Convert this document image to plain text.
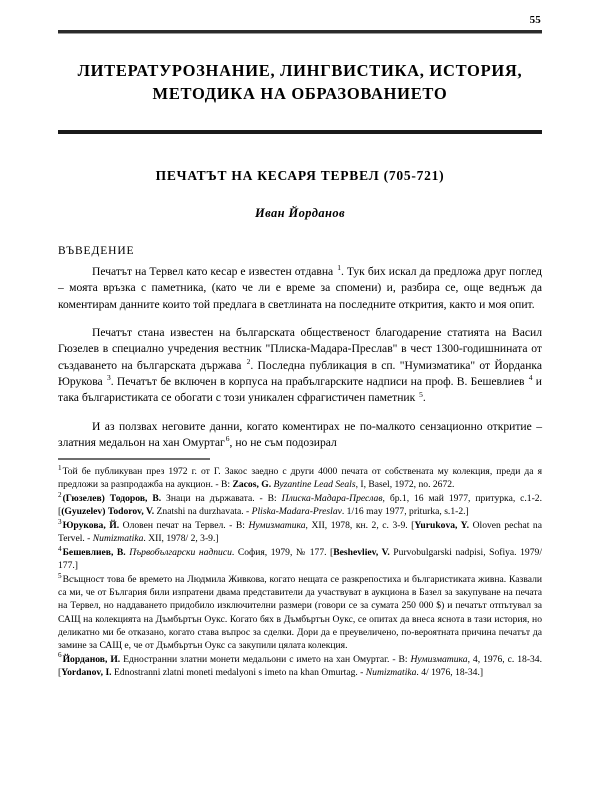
55
ЛИТЕРАТУРОЗНАНИЕ, ЛИНГВИСТИКА, ИСТОРИЯ,
МЕТОДИКА НА ОБРАЗОВАНИЕТО
ПЕЧАТЪТ НА КЕСАРЯ ТЕРВЕЛ (705-721)
Иван Йорданов
ВЪВЕДЕНИЕ

Печатът на Тервел като кесар е известен отдавна $^1$. Тук бих искал да предложа друг поглед – моята връзка с паметника, (като че ли е време за спомени) и, разбира се, още веднъж да коментирам данните които той предлага в светлината на последните открития, както и моя опит.

Печатът стана известен на българската общественост благодарение статията на Васил Гюзелев в специално учредения вестник "Плиска-Мадара-Преслав" в чест 1300-годишнината от създаването на българската държава $^2$. Последна публикация в сп. "Нумизматика" от Йорданка Юрукова $^3$. Печатът бе включен в корпуса на прабългарските надписи на проф. В. Бешевлиев $^4$ и така българистиката се обогати с този уникален сфрагистичен паметник $^5$.

И аз ползвах неговите данни, когато коментирах не по-малкото сензационно откритие – златния медальон на хан Омуртаг$^6$, но не съм подозирал

$^1$Той бе публикуван през 1972 г. от Г. Закос заедно с други 4000 печата от собствената му колекция, преди да я предложи за разпродажба на аукцион. - В: Zacos, G. Byzantine Lead Seals, I, Basel, 1972, no. 2672.

$^2$(Гюзелев) Тодоров, В. Знаци на държавата. - В: Плиска-Мадара-Преслав, бр.1, 16 май 1977, притурка, с.1-2. [(Gyuzelev) Todorov, V. Znatshi na durzhavata. - Pliska-Madara-Preslav. 1/16 may 1977, priturka, s.1-2.]

$^3$Юрукова, Й. Оловен печат на Тервел. - В: Нумизматика, XII, 1978, кн. 2, с. 3-9. [Yurukova, Y. Oloven pechat na Tervel. - Numizmatika. XII, 1978/ 2, 3-9.]

$^4$Бешевлиев, В. Първобългарски надписи. София, 1979, № 177. [Beshevliev, V. Purvobulgarski nadpisi, Sofiya. 1979/ 177.]

$^5$Всъщност това бе времето на Людмила Живкова, когато нещата се разкрепостиха и българистиката живна. Казвали са ми, че от България били изпратени двама представители да участвуват в аукциона в Базел за закупуване на печата на Тервел, но наддаването придобило изключителни размери (говори се за сумата 250 000 $) и печатът отпътувал за САЩ на колекцията на Дъмбъртън Оукс. Когато бях в Дъмбъртън Оукс, се опитах да внеса яснота в тази история, но деликатно ми бе отказано, когато става въпрос за сделки. Дори да е преувеличено, по-вероятната причина печатът да замине за САЩ е, че от Дъмбъртън Оукс са закупили цялата колекция.

$^6$Йорданов, И. Едностранни златни монети медальони с името на хан Омуртаг. - В: Нумизматика, 4, 1976, с. 18-34. [Yordanov, I. Ednostranni zlatni moneti medalyoni s imeto na khan Omurtag. - Numizmatika. 4/ 1976, 18-34.]
